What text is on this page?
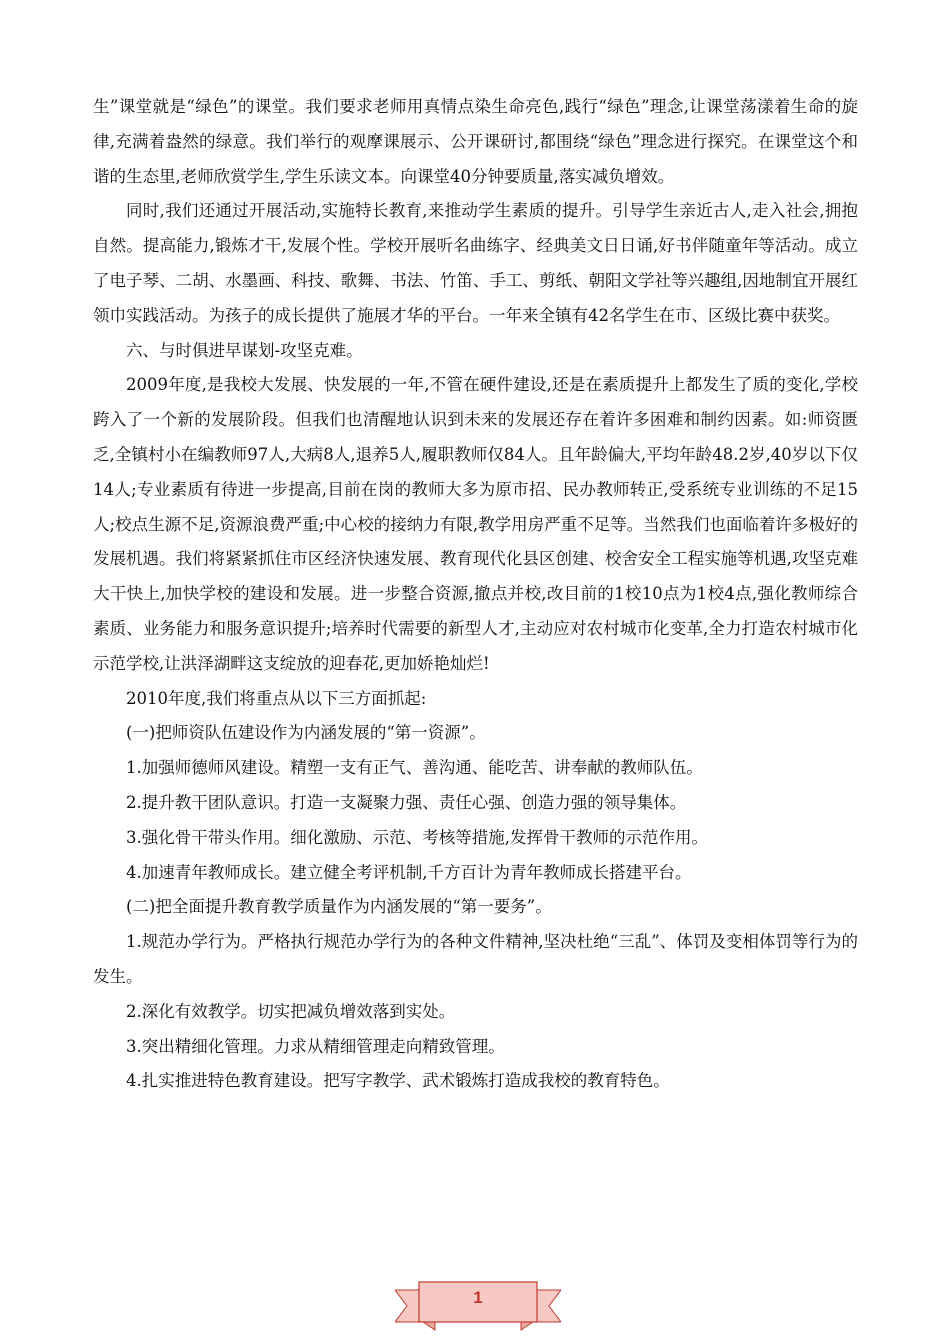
生”课堂就是“绿色”的课堂。我们要求老师用真情点染生命亮色,践行“绿色”理念,让课堂荡漾着生命的旋律,充满着盎然的绿意。我们举行的观摩课展示、公开课研讨,都围绕“绿色”理念进行探究。在课堂这个和谐的生态里,老师欣赏学生,学生乐读文本。向课堂40分钟要质量,落实减负增效。

同时,我们还通过开展活动,实施特长教育,来推动学生素质的提升。引导学生亲近古人,走入社会,拥抱自然。提高能力,锻炼才干,发展个性。学校开展听名曲练字、经典美文日日诵,好书伴随童年等活动。成立了电子琴、二胡、水墨画、科技、歌舞、书法、竹笛、手工、剪纸、朝阳文学社等兴趣组,因地制宜开展红领巾实践活动。为孩子的成长提供了施展才华的平台。一年来全镇有42名学生在市、区级比赛中获奖。

六、与时俱进早谋划-攻坚克难。

2009年度,是我校大发展、快发展的一年,不管在硬件建设,还是在素质提升上都发生了质的变化,学校跨入了一个新的发展阶段。但我们也清醒地认识到未来的发展还存在着许多困难和制约因素。如:师资匮乏,全镇村小在编教师97人,大病8人,退养5人,履职教师仅84人。且年龄偏大,平均年龄48.2岁,40岁以下仅14人;专业素质有待进一步提高,目前在岗的教师大多为原市招、民办教师转正,受系统专业训练的不足15人;校点生源不足,资源浪费严重;中心校的接纳力有限,教学用房严重不足等。当然我们也面临着许多极好的发展机遇。我们将紧紧抓住市区经济快速发展、教育现代化县区创建、校舍安全工程实施等机遇,攻坚克难大干快上,加快学校的建设和发展。进一步整合资源,撤点并校,改目前的1校10点为1校4点,强化教师综合素质、业务能力和服务意识提升;培养时代需要的新型人才,主动应对农村城市化变革,全力打造农村城市化示范学校,让洪泽湖畔这支绽放的迎春花,更加娇艳灿烂!

2010年度,我们将重点从以下三方面抓起:

(一)把师资队伍建设作为内涵发展的“第一资源”。

1.加强师德师风建设。精塑一支有正气、善沟通、能吃苦、讲奉献的教师队伍。

2.提升教干团队意识。打造一支凝聚力强、责任心强、创造力强的领导集体。

3.强化骨干带头作用。细化激励、示范、考核等措施,发挥骨干教师的示范作用。

4.加速青年教师成长。建立健全考评机制,千方百计为青年教师成长搭建平台。

(二)把全面提升教育教学质量作为内涵发展的“第一要务”。

1.规范办学行为。严格执行规范办学行为的各种文件精神,坚决杜绝“三乱”、体罚及变相体罚等行为的发生。

2.深化有效教学。切实把减负增效落到实处。

3.突出精细化管理。力求从精细管理走向精致管理。

4.扎实推进特色教育建设。把写字教学、武术锻炼打造成我校的教育特色。

1
